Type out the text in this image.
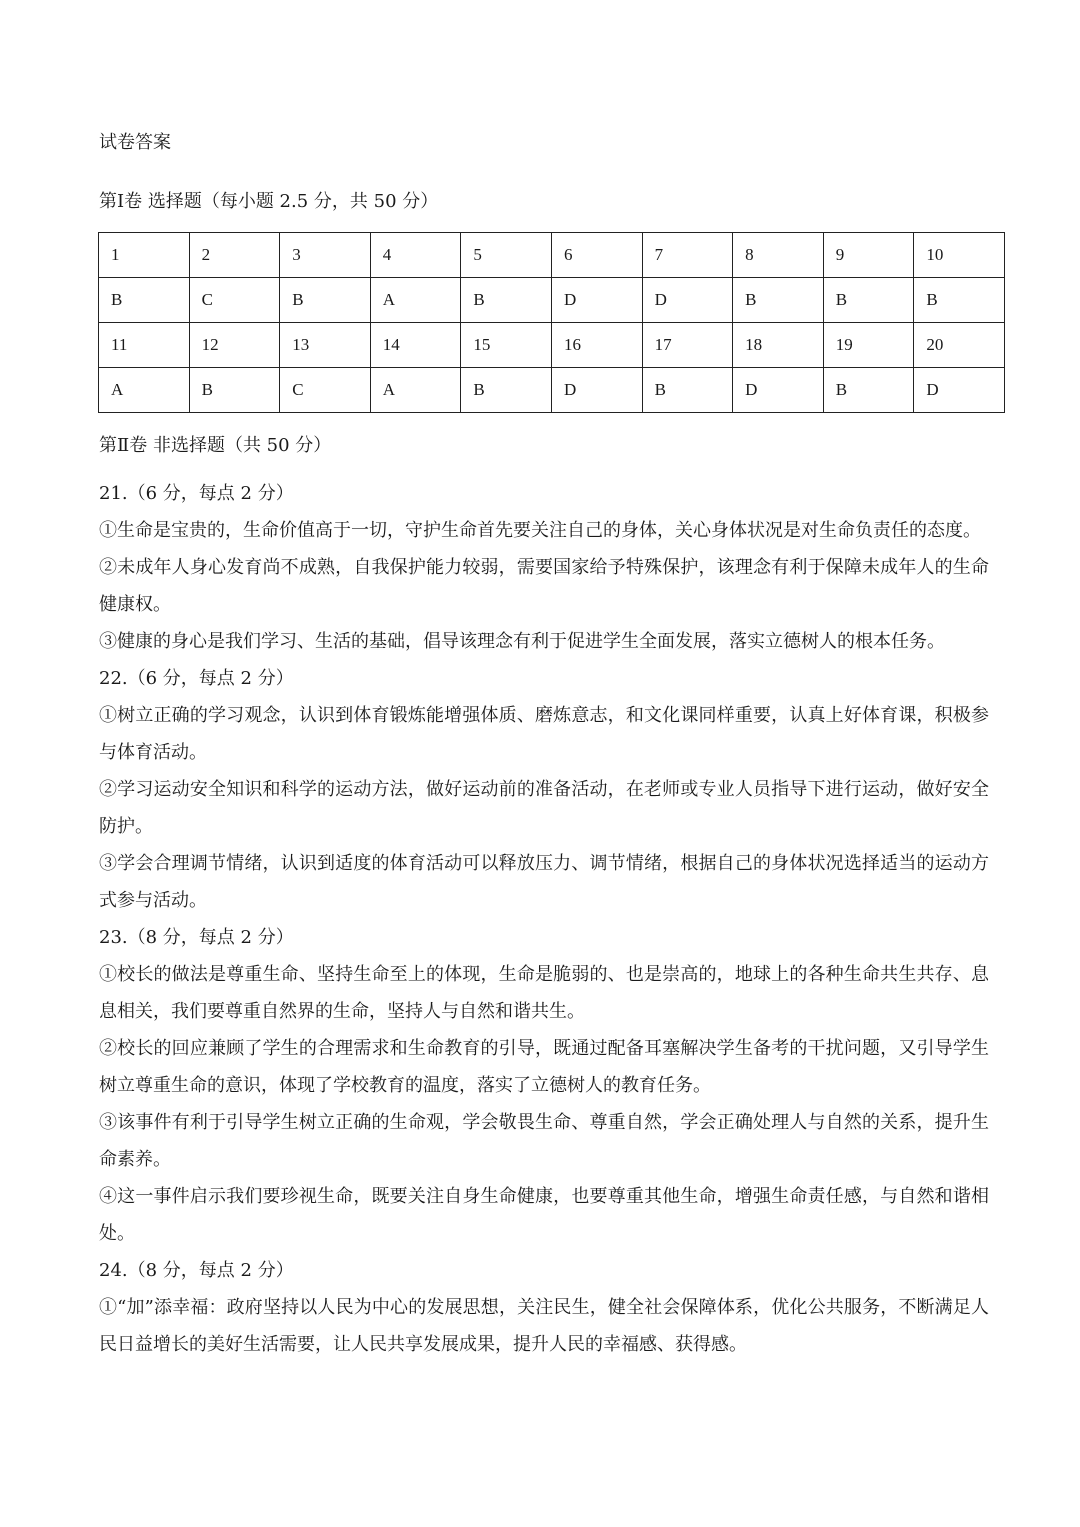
试卷答案
第Ⅰ卷 选择题（每小题 2.5 分，共 50 分）
1	2	3	4	5	6	7	8	9	10
B	C	B	A	B	D	D	B	B	B
11	12	13	14	15	16	17	18	19	20
A	B	C	A	B	D	B	D	B	D
第Ⅱ卷 非选择题（共 50 分）

21.（6 分，每点 2 分）

①生命是宝贵的，生命价值高于一切，守护生命首先要关注自己的身体，关心身体状况是对生命负责任的态度。

②未成年人身心发育尚不成熟，自我保护能力较弱，需要国家给予特殊保护，该理念有利于保障未成年人的生命健康权。

③健康的身心是我们学习、生活的基础，倡导该理念有利于促进学生全面发展，落实立德树人的根本任务。

22.（6 分，每点 2 分）

①树立正确的学习观念，认识到体育锻炼能增强体质、磨炼意志，和文化课同样重要，认真上好体育课，积极参与体育活动。

②学习运动安全知识和科学的运动方法，做好运动前的准备活动，在老师或专业人员指导下进行运动，做好安全防护。

③学会合理调节情绪，认识到适度的体育活动可以释放压力、调节情绪，根据自己的身体状况选择适当的运动方式参与活动。

23.（8 分，每点 2 分）

①校长的做法是尊重生命、坚持生命至上的体现，生命是脆弱的、也是崇高的，地球上的各种生命共生共存、息息相关，我们要尊重自然界的生命，坚持人与自然和谐共生。

②校长的回应兼顾了学生的合理需求和生命教育的引导，既通过配备耳塞解决学生备考的干扰问题，又引导学生树立尊重生命的意识，体现了学校教育的温度，落实了立德树人的教育任务。

③该事件有利于引导学生树立正确的生命观，学会敬畏生命、尊重自然，学会正确处理人与自然的关系，提升生命素养。

④这一事件启示我们要珍视生命，既要关注自身生命健康，也要尊重其他生命，增强生命责任感，与自然和谐相处。

24.（8 分，每点 2 分）

①“加”添幸福：政府坚持以人民为中心的发展思想，关注民生，健全社会保障体系，优化公共服务，不断满足人民日益增长的美好生活需要，让人民共享发展成果，提升人民的幸福感、获得感。
